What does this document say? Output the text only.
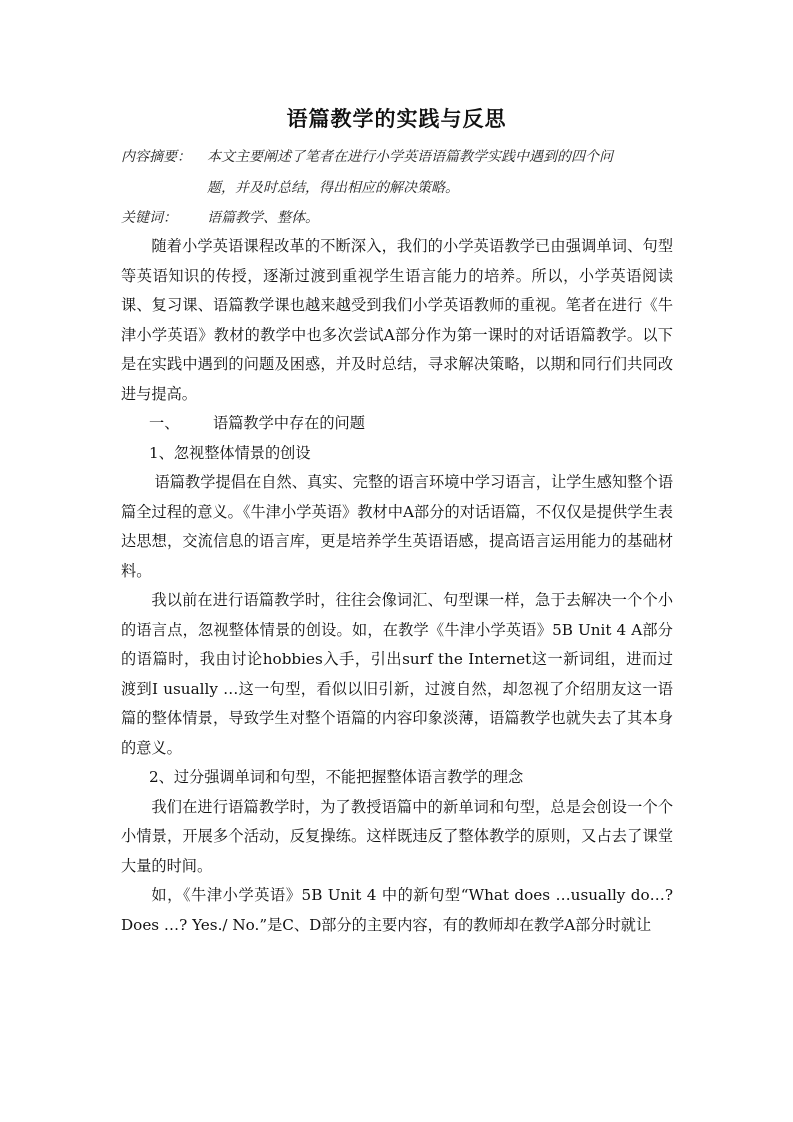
语篇教学的实践与反思
内容摘要： 本文主要阐述了笔者在进行小学英语语篇教学实践中遇到的四个问
题，并及时总结，得出相应的解决策略。
关键词： 语篇教学、整体。

随着小学英语课程改革的不断深入，我们的小学英语教学已由强调单词、句型等英语知识的传授，逐渐过渡到重视学生语言能力的培养。所以，小学英语阅读课、复习课、语篇教学课也越来越受到我们小学英语教师的重视。笔者在进行《牛津小学英语》教材的教学中也多次尝试A部分作为第一课时的对话语篇教学。以下是在实践中遇到的问题及困惑，并及时总结，寻求解决策略，以期和同行们共同改进与提高。

一、 语篇教学中存在的问题

1、忽视整体情景的创设

语篇教学提倡在自然、真实、完整的语言环境中学习语言，让学生感知整个语篇全过程的意义。《牛津小学英语》教材中A部分的对话语篇，不仅仅是提供学生表达思想，交流信息的语言库，更是培养学生英语语感，提高语言运用能力的基础材料。

我以前在进行语篇教学时，往往会像词汇、句型课一样，急于去解决一个个小的语言点，忽视整体情景的创设。如，在教学《牛津小学英语》5B Unit 4 A部分的语篇时，我由讨论hobbies入手，引出surf the Internet这一新词组，进而过渡到I usually …这一句型，看似以旧引新，过渡自然，却忽视了介绍朋友这一语篇的整体情景，导致学生对整个语篇的内容印象淡薄，语篇教学也就失去了其本身的意义。

2、过分强调单词和句型，不能把握整体语言教学的理念

我们在进行语篇教学时，为了教授语篇中的新单词和句型，总是会创设一个个小情景，开展多个活动，反复操练。这样既违反了整体教学的原则，又占去了课堂大量的时间。

如，《牛津小学英语》5B Unit 4 中的新句型“What does …usually do…? Does …? Yes./ No.”是C、D部分的主要内容，有的教师却在教学A部分时就让
